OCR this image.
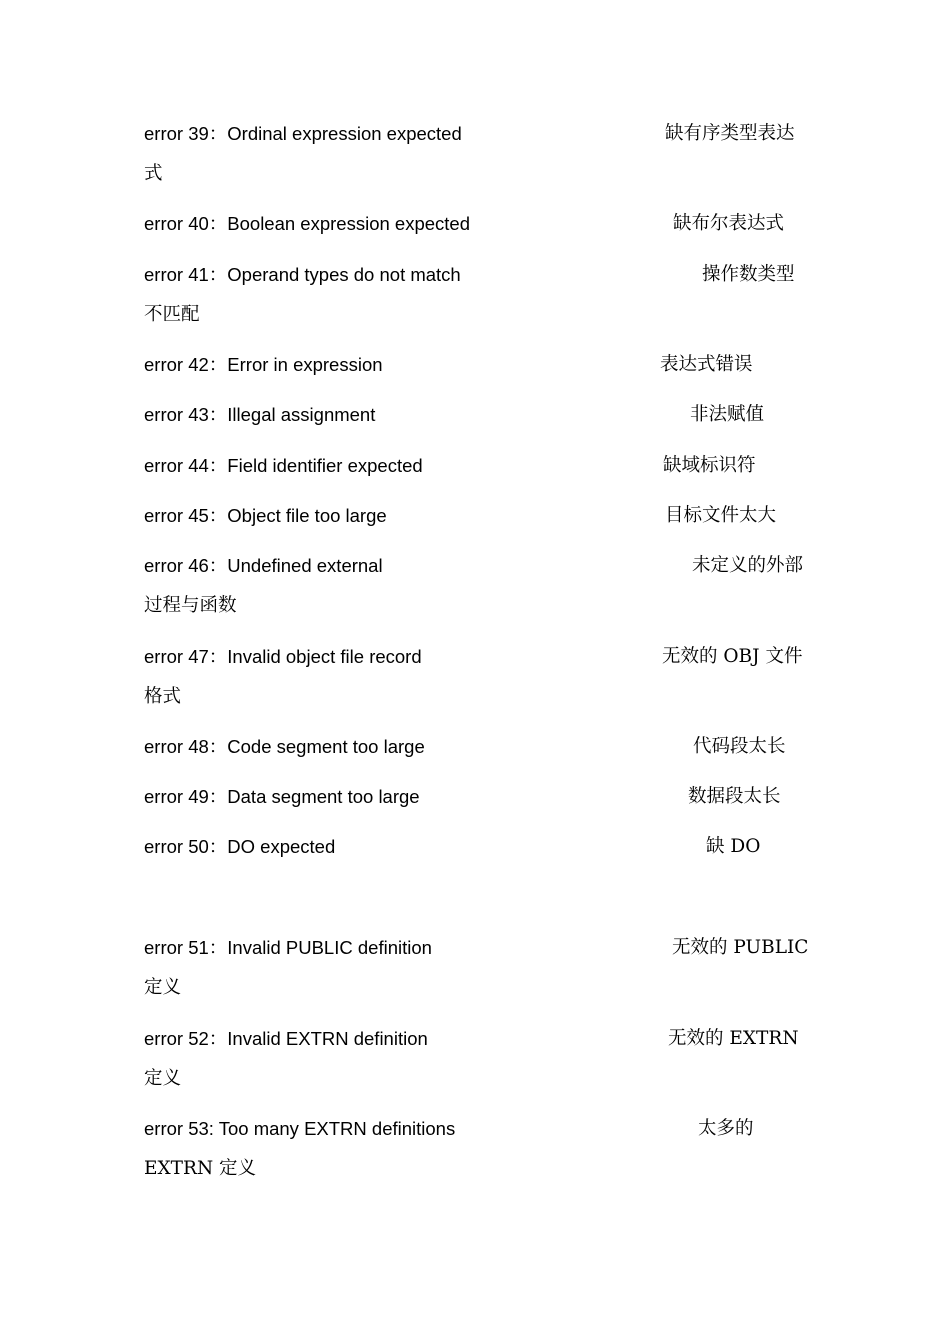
error 39：Ordinal expression expected	缺有序类型表达
式
error 40：Boolean expression expected	缺布尔表达式
error 41：Operand types do not match	操作数类型
不匹配
error 42：Error in expression	表达式错误
error 43：Illegal assignment	非法赋值
error 44：Field identifier expected	缺域标识符
error 45：Object file too large	目标文件太大
error 46：Undefined external	未定义的外部
过程与函数
error 47：Invalid object file record	无效的 OBJ 文件
格式
error 48：Code segment too large	代码段太长
error 49：Data segment too large	数据段太长
error 50：DO expected	缺 DO
error 51：Invalid PUBLIC definition	无效的 PUBLIC
定义
error 52：Invalid EXTRN definition	无效的 EXTRN
定义
error 53: Too many EXTRN definitions	太多的
EXTRN 定义
